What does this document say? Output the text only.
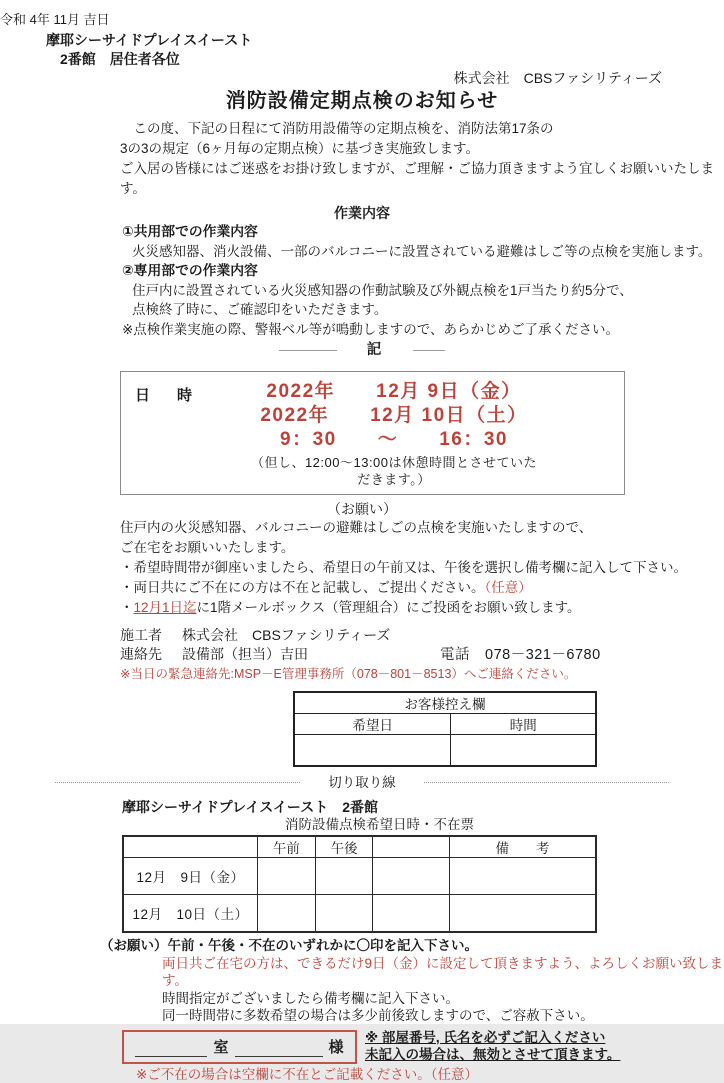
令和 4年 11月 吉日
摩耶シーサイドプレイスイースト
2番館　居住者各位
株式会社　CBSファシリティーズ
消防設備定期点検のお知らせ
この度、下記の日程にて消防用設備等の定期点検を、消防法第17条の
3の3の規定（6ヶ月毎の定期点検）に基づき実施致します。
ご入居の皆様にはご迷惑をお掛け致しますが、ご理解・ご協力頂きますよう宜しくお願いいたします。
作業内容
①共用部での作業内容
火災感知器、消火設備、一部のバルコニーに設置されている避難はしご等の点検を実施します。
②専用部での作業内容
住戸内に設置されている火災感知器の作動試験及び外観点検を1戸当たり約5分で、
点検終了時に、ご確認印をいただきます。
※点検作業実施の際、警報ベル等が鳴動しますので、あらかじめご了承ください。
記
日　時	2022年　　12月 9日（金）
2022年　　12月 10日（土）
9：30　　～　　16：30
（但し、12:00～13:00は休憩時間とさせていただきます。）
（お願い）
住戸内の火災感知器、バルコニーの避難はしごの点検を実施いたしますので、
ご在宅をお願いいたします。
・希望時間帯が御座いましたら、希望日の午前又は、午後を選択し備考欄に記入して下さい。
・両日共にご不在にの方は不在と記載し、ご提出ください。（任意）
・12月1日迄に1階メールボックス（管理組合）にご投函をお願い致します。
施工者 株式会社　CBSファシリティーズ
連絡先 設備部（担当）吉田	電話　078－321－6780
※当日の緊急連絡先:MSP－E管理事務所（078－801－8513）へご連絡ください。
お客様控え欄	
希望日	時間

切り取り線
摩耶シーサイドプレイスイースト　2番館
消防設備点検希望日時・不在票
	午前	午後		備　　考
12月　9日（金）				
12月　10日（土）				
（お願い）午前・午後・不在のいずれかに〇印を記入下さい。
両日共ご在宅の方は、できるだけ9日（金）に設定して頂きますよう、よろしくお願い致します。
時間指定がございましたら備考欄に記入下さい。
同一時間帯に多数希望の場合は多少前後致しますので、ご容赦下さい。
室	様
※ 部屋番号, 氏名を必ずご記入ください
未記入の場合は、無効とさせて頂きます。
※ご不在の場合は空欄に不在とご記載ください。（任意）
